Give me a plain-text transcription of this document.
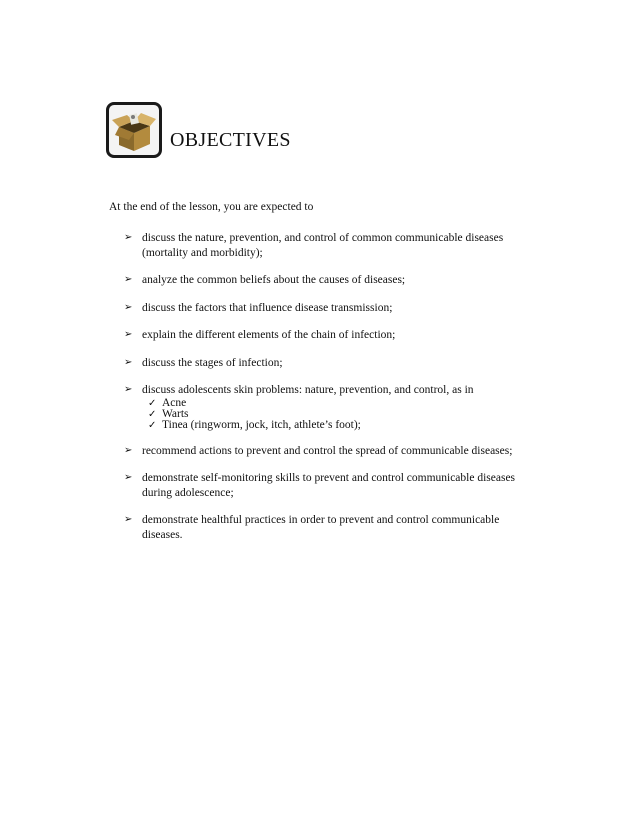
OBJECTIVES

At the end of the lesson, you are expected to

➢ discuss the nature, prevention, and control of common communicable diseases
(mortality and morbidity);
➢ analyze the common beliefs about the causes of diseases;
➢ discuss the factors that influence disease transmission;
➢ explain the different elements of the chain of infection;
➢ discuss the stages of infection;
➢ discuss adolescents skin problems: nature, prevention, and control, as in
✓ Acne
✓ Warts
✓ Tinea (ringworm, jock, itch, athlete’s foot);
➢ recommend actions to prevent and control the spread of communicable diseases;
➢ demonstrate self-monitoring skills to prevent and control communicable diseases
during adolescence;
➢ demonstrate healthful practices in order to prevent and control communicable
diseases.
